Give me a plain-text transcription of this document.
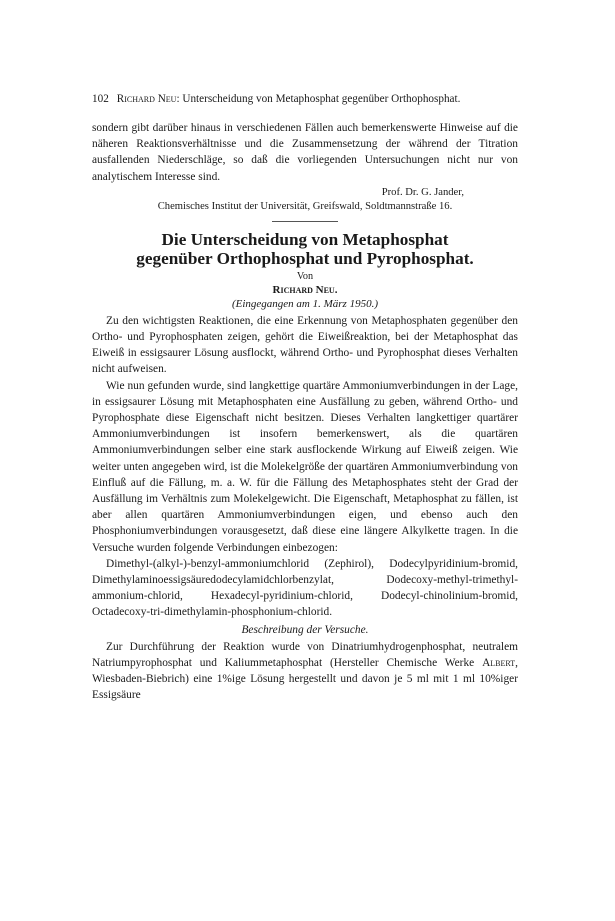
102 Richard Neu: Unterscheidung von Metaphosphat gegenüber Orthophosphat.

sondern gibt darüber hinaus in verschiedenen Fällen auch bemerkenswerte Hinweise auf die näheren Reaktionsverhältnisse und die Zusammensetzung der während der Titration ausfallenden Niederschläge, so daß die vorliegenden Untersuchungen nicht nur von analytischem Interesse sind.

Prof. Dr. G. Jander,
Chemisches Institut der Universität, Greifswald, Soldtmannstraße 16.
Die Unterscheidung von Metaphosphat
gegenüber Orthophosphat und Pyrophosphat.
Von
Richard Neu.
(Eingegangen am 1. März 1950.)

Zu den wichtigsten Reaktionen, die eine Erkennung von Metaphosphaten gegenüber den Ortho- und Pyrophosphaten zeigen, gehört die Eiweißreaktion, bei der Metaphosphat das Eiweiß in essigsaurer Lösung ausflockt, während Ortho- und Pyrophosphat dieses Verhalten nicht aufweisen.

Wie nun gefunden wurde, sind langkettige quartäre Ammoniumverbindungen in der Lage, in essigsaurer Lösung mit Metaphosphaten eine Ausfällung zu geben, während Ortho- und Pyrophosphate diese Eigenschaft nicht besitzen. Dieses Verhalten langkettiger quartärer Ammoniumverbindungen ist insofern bemerkenswert, als die quartären Ammoniumverbindungen selber eine stark ausflockende Wirkung auf Eiweiß zeigen. Wie weiter unten angegeben wird, ist die Molekelgröße der quartären Ammoniumverbindung von Einfluß auf die Fällung, m. a. W. für die Fällung des Metaphosphates steht der Grad der Ausfällung im Verhältnis zum Molekelgewicht. Die Eigenschaft, Metaphosphat zu fällen, ist aber allen quartären Ammoniumverbindungen eigen, und ebenso auch den Phosphoniumverbindungen vorausgesetzt, daß diese eine längere Alkylkette tragen. In die Versuche wurden folgende Verbindungen einbezogen:

Dimethyl-(alkyl-)-benzyl-ammoniumchlorid (Zephirol), Dodecylpyridinium-bromid, Dimethylaminoessigsäuredodecylamidchlorbenzylat, Dodecoxy-methyl-trimethyl-ammonium-chlorid, Hexadecyl-pyridinium-chlorid, Dodecyl-chinolinium-bromid, Octadecoxy-tri-dimethylamin-phosphonium-chlorid.

Beschreibung der Versuche.

Zur Durchführung der Reaktion wurde von Dinatriumhydrogenphosphat, neutralem Natriumpyrophosphat und Kaliummetaphosphat (Hersteller Chemische Werke Albert, Wiesbaden-Biebrich) eine 1%ige Lösung hergestellt und davon je 5 ml mit 1 ml 10%iger Essigsäure
